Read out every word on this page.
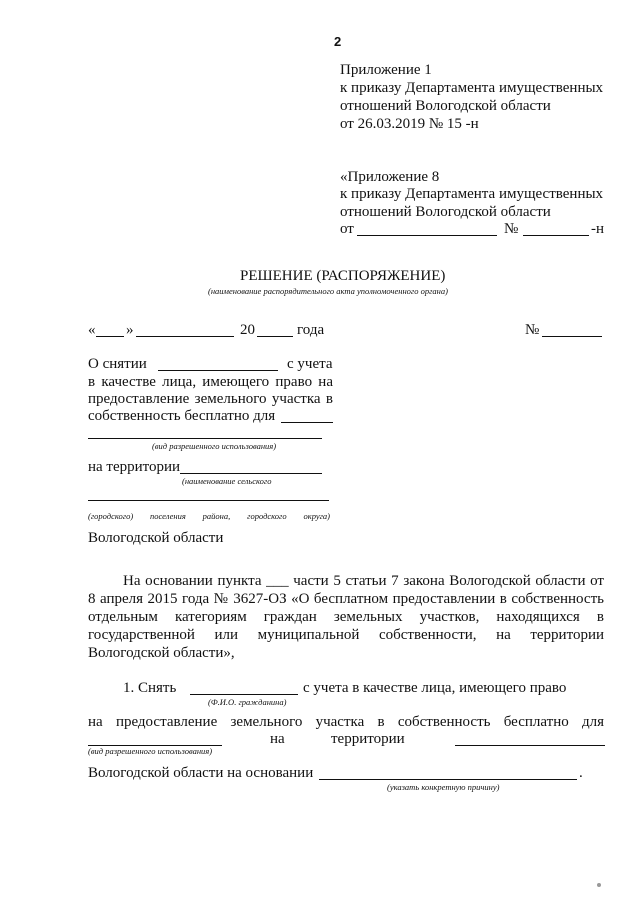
2
Приложение 1
к приказу Департамента имущественных
отношений Вологодской области
от 26.03.2019 № 15 -н
«Приложение 8
к приказу Департамента имущественных
отношений Вологодской области
от	№	-н
РЕШЕНИЕ (РАСПОРЯЖЕНИЕ)
(наименование распорядительного акта уполномоченного органа)
« »	20	года	№
О снятии	с учета
в качестве лица, имеющего право на
предоставление земельного участка в
собственность бесплатно для
(вид разрешенного использования)
на территории
(наименование сельского
(городского) поселения района, городского округа)
Вологодской области
На основании пункта ___ части 5 статьи 7 закона Вологодской области от
8 апреля 2015 года № 3627-ОЗ «О бесплатном предоставлении в собственность
отдельным категориям граждан земельных участков, находящихся в
государственной или муниципальной собственности, на территории
Вологодской области»,
1. Снять	с учета в качестве лица, имеющего право
(Ф.И.О. гражданина)
на предоставление земельного участка в собственность бесплатно для
(вид разрешенного использования)
на	территории
Вологодской области на основании	.
(указать конкретную причину)
